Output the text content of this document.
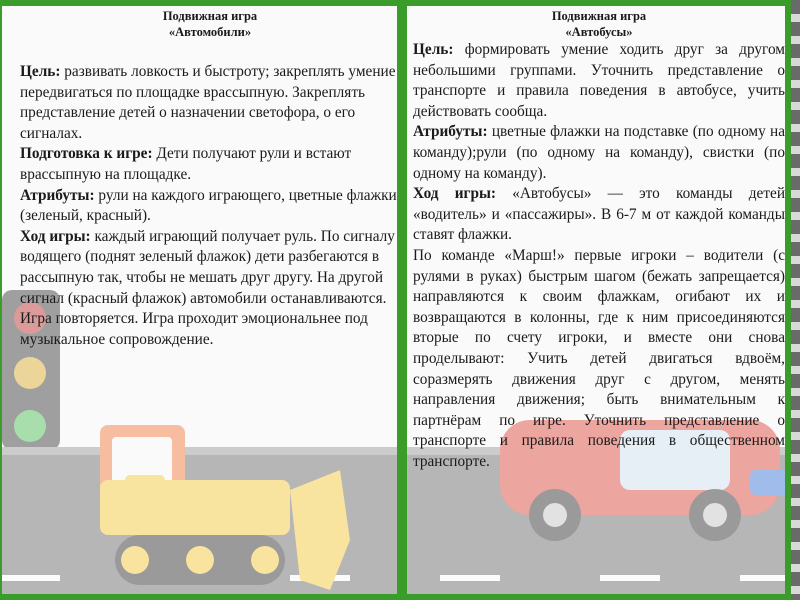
Подвижная игра

«Автомобили»

Цель: развивать ловкость и быстроту; закреплять умение передвигаться по площадке врассыпную. Закреплять представление детей о назначении светофора, о его сигналах.

Подготовка к игре: Дети получают рули и встают врассыпную на площадке.

Атрибуты: рули на каждого играющего, цветные флажки (зеленый, красный).

Ход игры: каждый играющий получает руль. По сигналу водящего (поднят зеленый флажок) дети разбегаются в рассыпную так, чтобы не мешать друг другу. На другой сигнал (красный флажок) автомобили останавливаются. Игра повторяется. Игра проходит эмоциональнее под музыкальное сопровождение.

Подвижная игра

«Автобусы»

Цель: формировать умение ходить друг за другом небольшими группами. Уточнить представление о транспорте и правила поведения в автобусе, учить действовать сообща.

Атрибуты: цветные флажки на подставке (по одному на команду);рули (по одному на команду), свистки (по одному на команду).

Ход игры: «Автобусы» — это команды детей «водитель» и «пассажиры». В 6-7 м от каждой команды ставят флажки.

По команде «Марш!» первые игроки – водители (с рулями в руках) быстрым шагом (бежать запрещается) направляются к своим флажкам, огибают их и возвращаются в колонны, где к ним присоединяются вторые по счету игроки, и вместе они снова проделывают: Учить детей двигаться вдвоём, соразмерять движения друг с другом, менять направления движения; быть внимательным к партнёрам по игре. Уточнить представление о транспорте и правила поведения в общественном транспорте.
